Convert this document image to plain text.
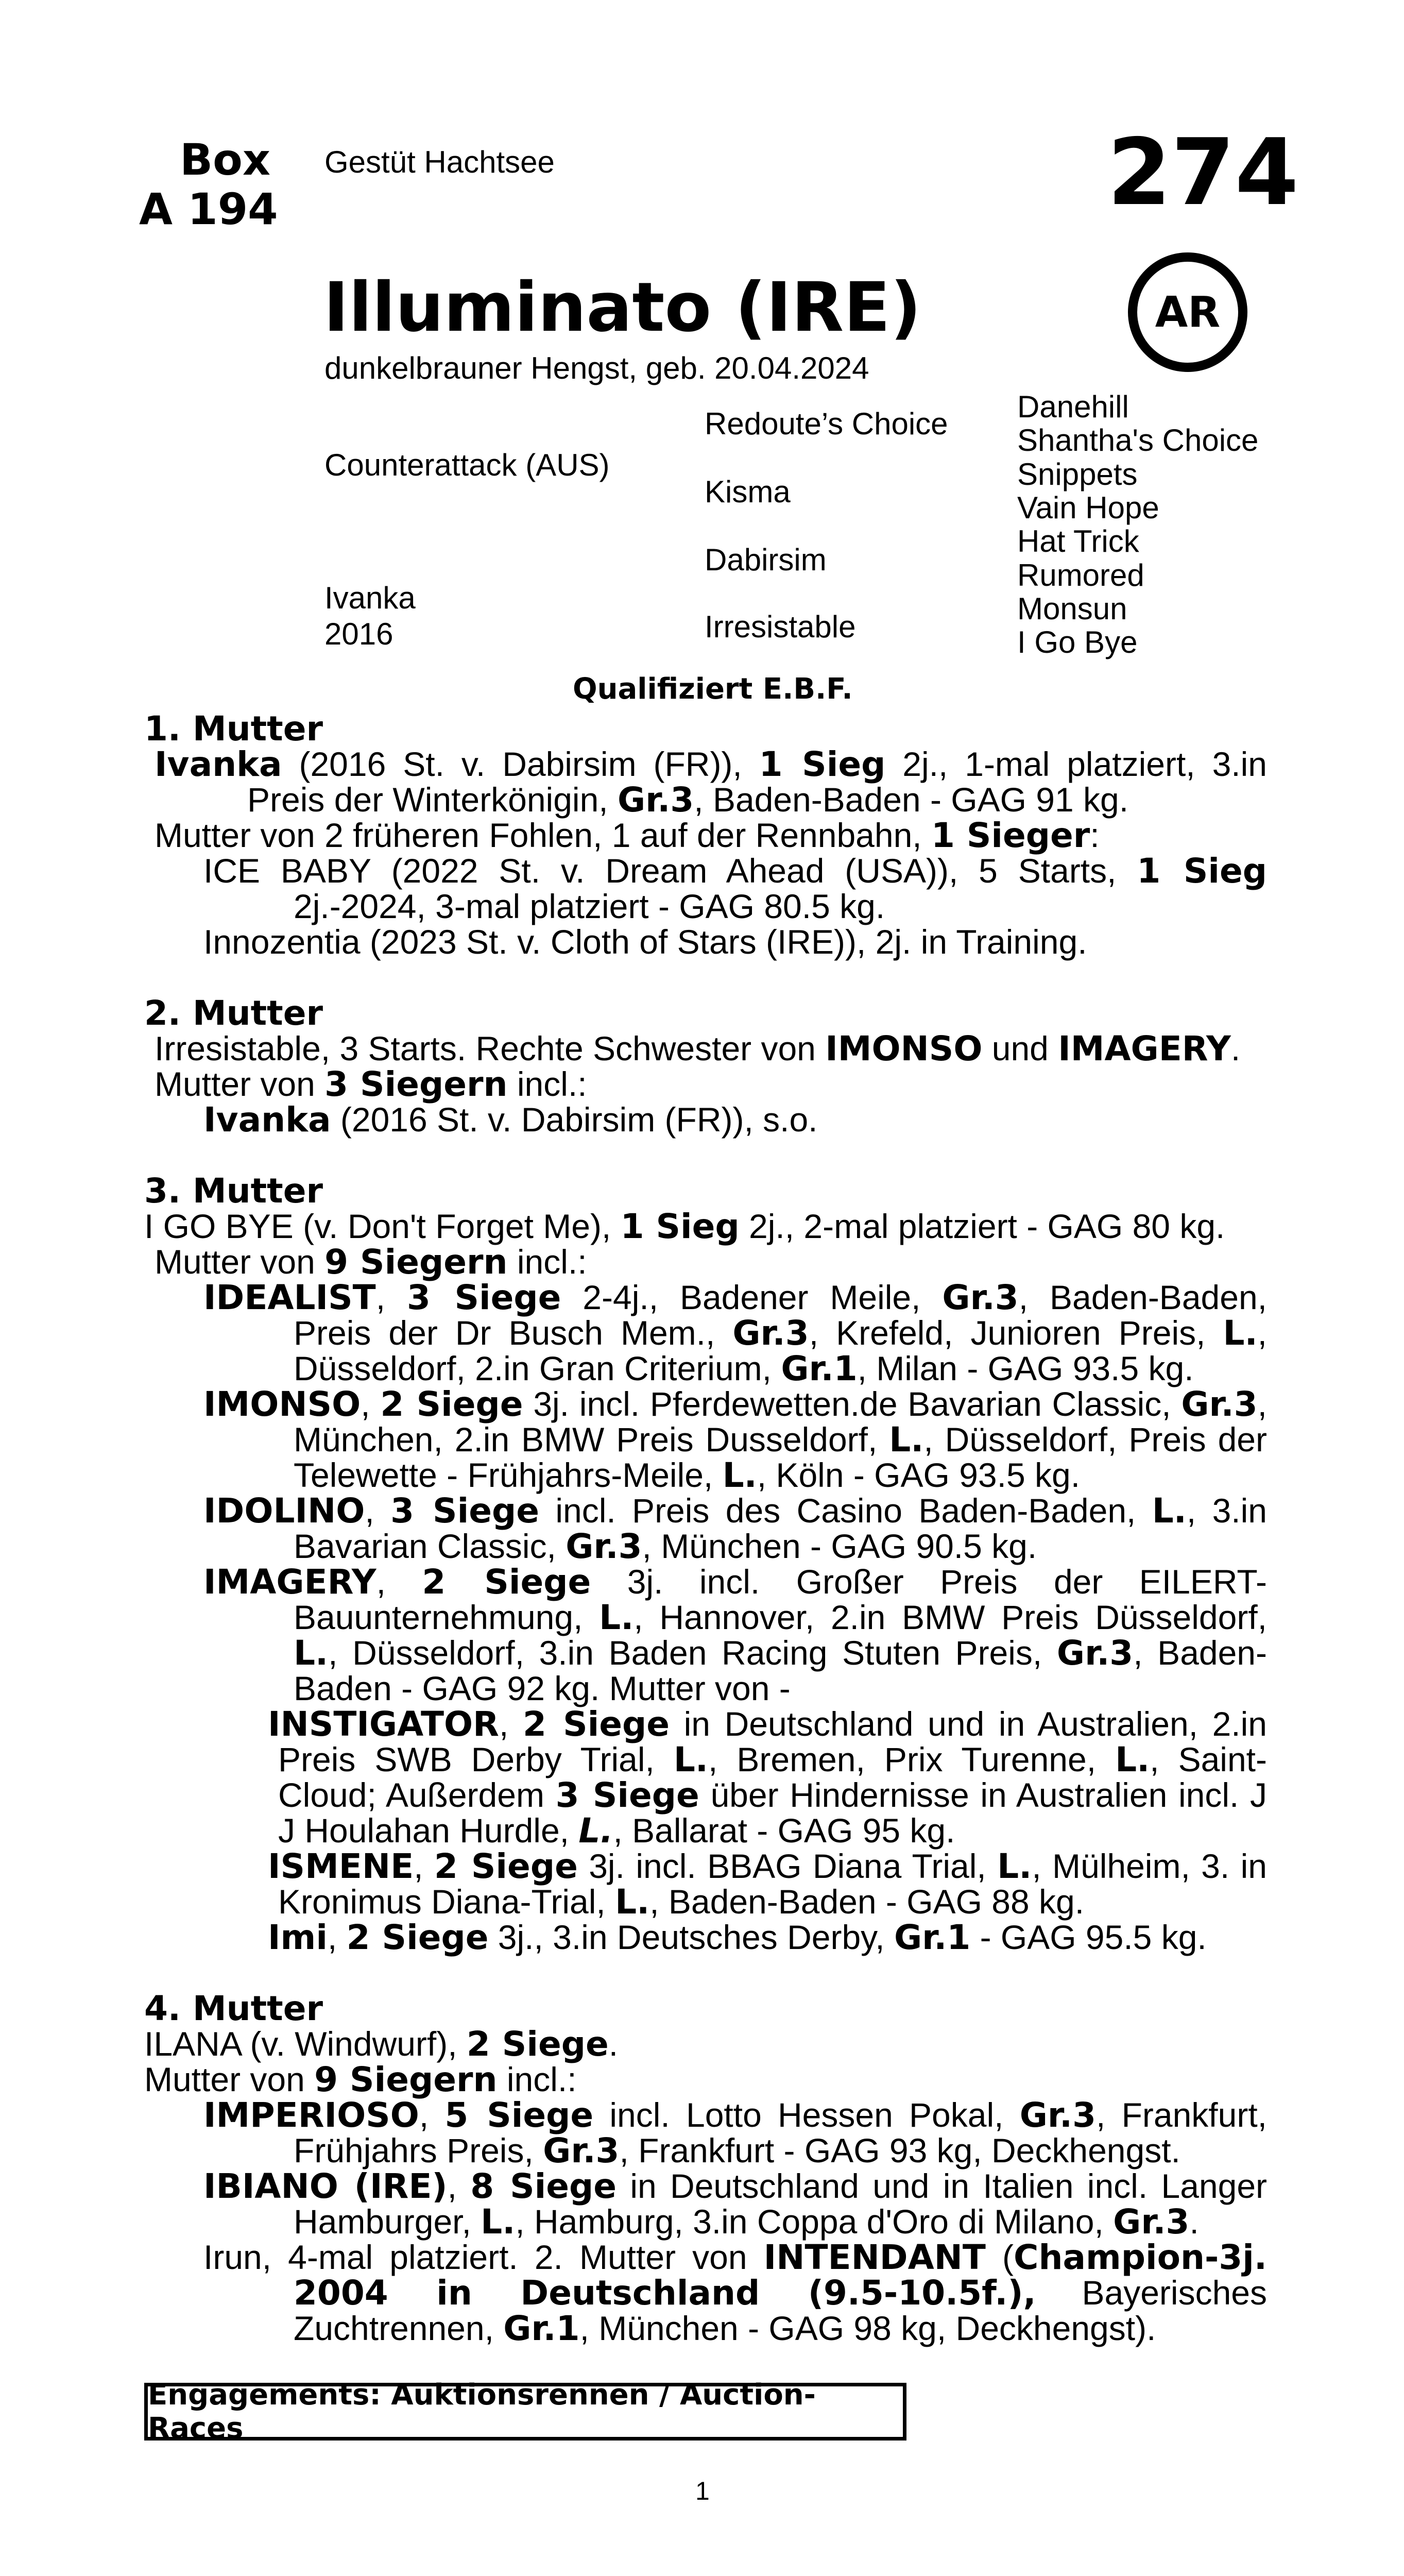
Box
A 194
Gestüt Hachtsee	274
AR
Illuminato (IRE)
dunkelbrauner Hengst, geb. 20.04.2024
Counterattack (AUS)
Ivanka
2016
Redoute’s Choice
Kisma
Dabirsim
Irresistable
Danehill
Shantha's Choice
Snippets
Vain Hope
Hat Trick
Rumored
Monsun
I Go Bye
Qualifiziert E.B.F.
1. Mutter
Ivanka (2016 St. v. Dabirsim (FR)), 1 Sieg 2j., 1-mal platziert, 3.in Preis der Winterkönigin, Gr.3, Baden-Baden - GAG 91 kg.
Mutter von 2 früheren Fohlen, 1 auf der Rennbahn, 1 Sieger:
ICE BABY (2022 St. v. Dream Ahead (USA)), 5 Starts, 1 Sieg 2j.-2024, 3-mal platziert - GAG 80.5 kg.
Innozentia (2023 St. v. Cloth of Stars (IRE)), 2j. in Training.
2. Mutter
Irresistable, 3 Starts. Rechte Schwester von IMONSO und IMAGERY.
Mutter von 3 Siegern incl.:
Ivanka (2016 St. v. Dabirsim (FR)), s.o.
3. Mutter
I GO BYE (v. Don't Forget Me), 1 Sieg 2j., 2-mal platziert - GAG 80 kg.
Mutter von 9 Siegern incl.:
IDEALIST, 3 Siege 2-4j., Badener Meile, Gr.3, Baden-Baden, Preis der Dr Busch Mem., Gr.3, Krefeld, Junioren Preis, L., Düsseldorf, 2.in Gran Criterium, Gr.1, Milan - GAG 93.5 kg.
IMONSO, 2 Siege 3j. incl. Pferdewetten.de Bavarian Classic, Gr.3, München, 2.in BMW Preis Dusseldorf, L., Düsseldorf, Preis der Telewette - Frühjahrs-Meile, L., Köln - GAG 93.5 kg.
IDOLINO, 3 Siege incl. Preis des Casino Baden-Baden, L., 3.in Bavarian Classic, Gr.3, München - GAG 90.5 kg.
IMAGERY, 2 Siege 3j. incl. Großer Preis der EILERT-Bauunternehmung, L., Hannover, 2.in BMW Preis Düsseldorf, L., Düsseldorf, 3.in Baden Racing Stuten Preis, Gr.3, Baden-Baden - GAG 92 kg. Mutter von -
INSTIGATOR, 2 Siege in Deutschland und in Australien, 2.in Preis SWB Derby Trial, L., Bremen, Prix Turenne, L., Saint-Cloud; Außerdem 3 Siege über Hindernisse in Australien incl. J J Houlahan Hurdle, L., Ballarat - GAG 95 kg.
ISMENE, 2 Siege 3j. incl. BBAG Diana Trial, L., Mülheim, 3. in Kronimus Diana-Trial, L., Baden-Baden - GAG 88 kg.
Imi, 2 Siege 3j., 3.in Deutsches Derby, Gr.1 - GAG 95.5 kg.
4. Mutter
ILANA (v. Windwurf), 2 Siege.
Mutter von 9 Siegern incl.:
IMPERIOSO, 5 Siege incl. Lotto Hessen Pokal, Gr.3, Frankfurt, Frühjahrs Preis, Gr.3, Frankfurt - GAG 93 kg, Deckhengst.
IBIANO (IRE), 8 Siege in Deutschland und in Italien incl. Langer Hamburger, L., Hamburg, 3.in Coppa d'Oro di Milano, Gr.3.
Irun, 4-mal platziert. 2. Mutter von INTENDANT (Champion-3j. 2004 in Deutschland (9.5-10.5f.), Bayerisches Zuchtrennen, Gr.1, München - GAG 98 kg, Deckhengst).
Engagements: Auktionsrennen / Auction-Races
1
